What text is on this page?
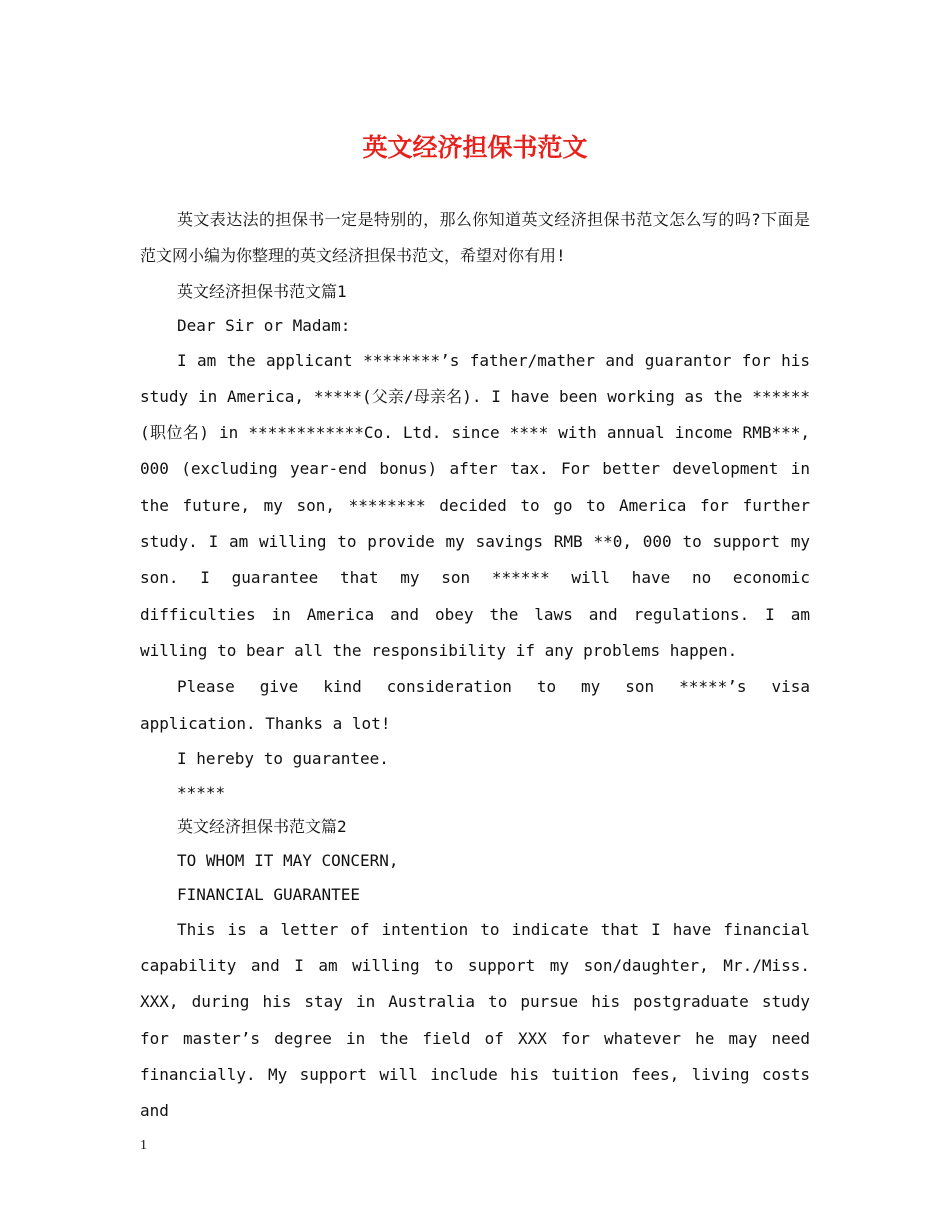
英文经济担保书范文

英文表达法的担保书一定是特别的，那么你知道英文经济担保书范文怎么写的吗?下面是范文网小编为你整理的英文经济担保书范文，希望对你有用!

英文经济担保书范文篇1

Dear Sir or Madam:

I am the applicant ********’s father/mather and guarantor for his study in America, *****(父亲/母亲名). I have been working as the ******(职位名) in ************Co. Ltd. since **** with annual income RMB***, 000 (excluding year-end bonus) after tax. For better development in the future, my son, ******** decided to go to America for further study. I am willing to provide my savings RMB **0, 000 to support my son. I guarantee that my son ****** will have no economic difficulties in America and obey the laws and regulations. I am willing to bear all the responsibility if any problems happen.

Please give kind consideration to my son *****’s visa application. Thanks a lot!

I hereby to guarantee.

*****

英文经济担保书范文篇2

TO WHOM IT MAY CONCERN,

FINANCIAL GUARANTEE

This is a letter of intention to indicate that I have financial capability and I am willing to support my son/daughter, Mr./Miss. XXX, during his stay in Australia to pursue his postgraduate study for master’s degree in the field of XXX for whatever he may need financially. My support will include his tuition fees, living costs and

1
